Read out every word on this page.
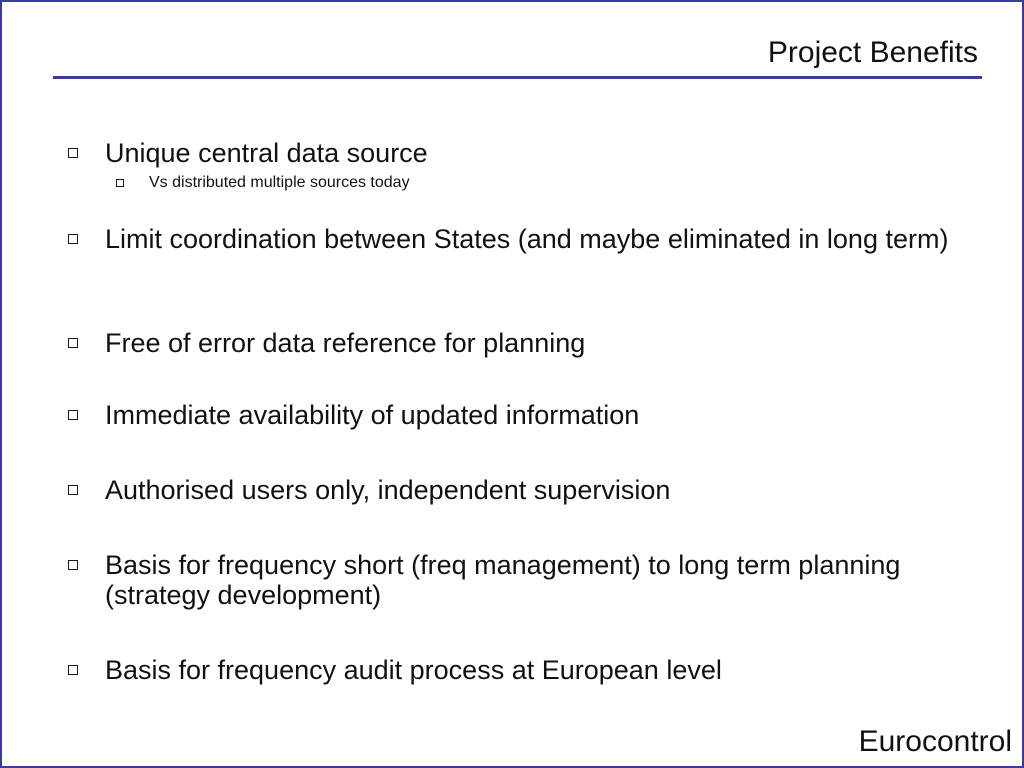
Project Benefits
Unique central data source
Vs distributed multiple sources today
Limit coordination between States (and maybe eliminated in long term)
Free of error data reference for planning
Immediate availability of updated information
Authorised users only, independent supervision
Basis for frequency short (freq management) to long term planning (strategy development)
Basis for frequency audit process at European level
Eurocontrol
